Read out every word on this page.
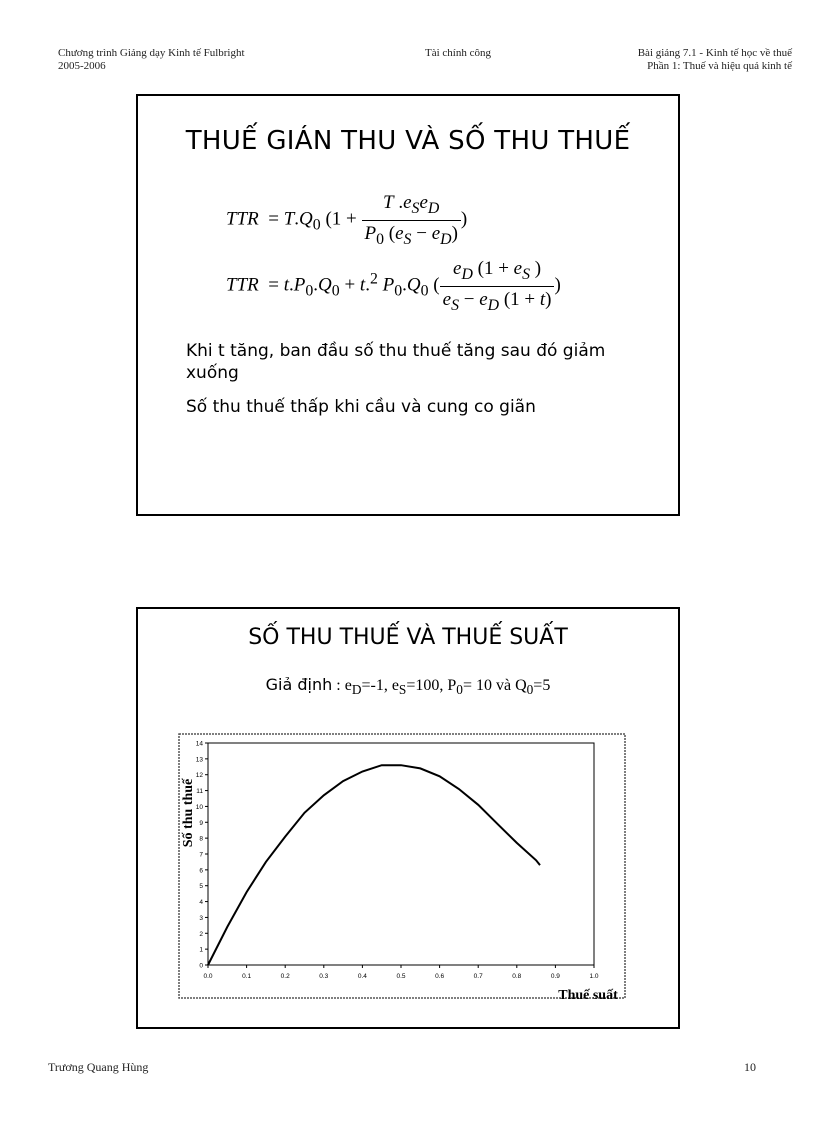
Chương trình Giảng dạy Kinh tế Fulbright
2005-2006
Tài chính công	Bài giảng 7.1 - Kinh tế học về thuế
Phần 1: Thuế và hiệu quả kinh tế
THUẾ GIÁN THU VÀ SỐ THU THUẾ
TTR  = $T.Q_0$ ($1 + \frac{T .e_Se_D}{P_0 (e_S - e_D)}$ )
TTR  = $t.P_0.Q_0 + t.^2$ $P_0.Q_0$ ( $\frac{e_D (1 + e_S )}{e_S - e_D (1 + t)}$ )

Khi t tăng, ban đầu số thu thuế tăng sau đó giảm xuống

Số thu thuế thấp khi cầu và cung co giãn

SỐ THU THUẾ VÀ THUẾ SUẤT
Giả định : $e_D=-1$, $e_S=100$, $P_0= 10$ và $Q_0=5$
0
1
2
3
4
5
6
7
8
9
10
11
12
13
14
0.0	0.1	0.2	0.3	0.4	0.5	0.6	0.7	0.8	0.9	1.0
Số thu thuế
Thuế suất
Trương Quang Hùng	10
